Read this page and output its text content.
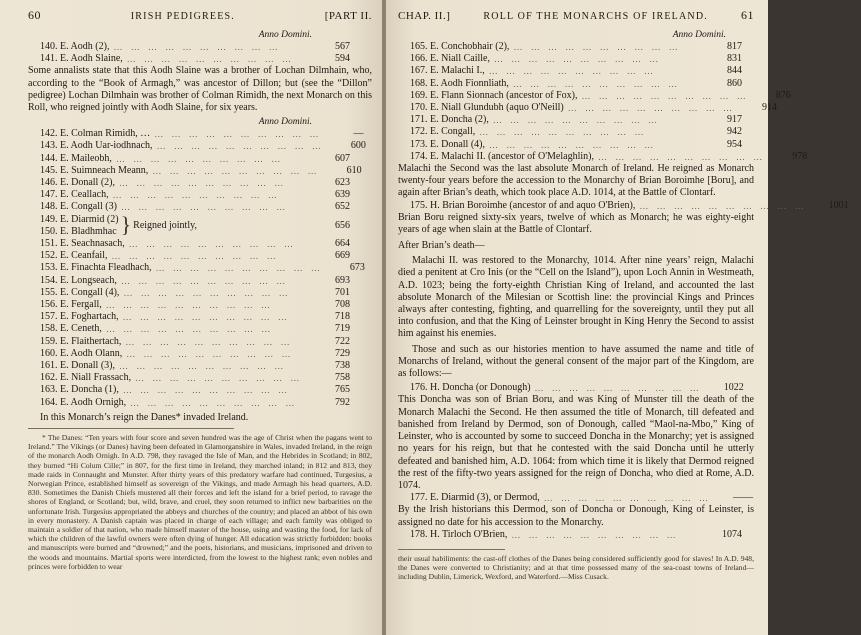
60	IRISH PEDIGREES.	[PART II.
Anno Domini.
140. E. Aodh (2), … … … … … … … … … …	567
141. E. Aodh Slaine, … … … … … … … … … …	594

Some annalists state that this Aodh Slaine was a brother of Lochan Dilmhain, who, according to the “Book of Armagh,” was ancestor of Dillon; but (see the “Dillon” pedigree) Lochan Dilmhain was brother of Colman Rimidh, the next Monarch on this Roll, who reigned jointly with Aodh Slaine, for six years.

Anno Domini.
142. E. Colman Rimidh, … … … … … … … … … … …	—
143. E. Aodh Uar-iodhnach, … … … … … … … … … …	600
144. E. Maileobh, … … … … … … … … … …	607
145. E. Suimneach Meann, … … … … … … … … … …	610
146. E. Donall (2), … … … … … … … … … …	623
147. E. Ceallach, … … … … … … … … … …	639
148. E. Congall (3) … … … … … … … … … …	652
149. E. Diarmid (2)
150. E. Bladhmhac } Reigned jointly,	656
151. E. Seachnasach, … … … … … … … … … …	664
152. E. Ceanfail, … … … … … … … … … …	669
153. E. Finachta Fleadhach, … … … … … … … … … …	673
154. E. Longseach, … … … … … … … … … …	693
155. E. Congall (4), … … … … … … … … … …	701
156. E. Fergall, … … … … … … … … … …	708
157. E. Foghartach, … … … … … … … … … …	718
158. E. Ceneth, … … … … … … … … … …	719
159. E. Flaithertach, … … … … … … … … … …	722
160. E. Aodh Olann, … … … … … … … … … …	729
161. E. Donall (3), … … … … … … … … … …	738
162. E. Niall Frassach, … … … … … … … … … …	758
163. E. Doncha (1), … … … … … … … … … …	765
164. E. Aodh Ornigh, … … … … … … … … … …	792
In this Monarch’s reign the Danes* invaded Ireland.

* The Danes: “Ten years with four score and seven hundred was the age of Christ when the pagans went to Ireland.” The Vikings (or Danes) having been defeated in Glamorganshire in Wales, invaded Ireland, in the reign of the monarch Aodh Ornigh. In A.D. 798, they ravaged the Isle of Man, and the Hebrides in Scotland; in 802, they burned “Hi Colum Cille;” in 807, for the first time in Ireland, they marched inland; in 812 and 813, they made raids in Connaught and Munster. After thirty years of this predatory warfare had continued, Turgesius, a Norwegian Prince, established himself as sovereign of the Vikings, and made Armagh his head quarters, A.D. 830. Sometimes the Danish Chiefs mustered all their forces and left the island for a brief period, to ravage the shores of England, or Scotland; but, wild, brave, and cruel, they soon returned to inflict new barbarities on the unfortunate Irish. Turgesius appropriated the abbeys and churches of the country; and placed an abbot of his own in every monastery. A Danish captain was placed in charge of each village; and each family was obliged to maintain a soldier of that nation, who made himself master of the house, using and wasting the food, for lack of which the children of the lawful owners were often dying of hunger. All education was strictly forbidden: books and manuscripts were burned and “drowned;” and the poets, historians, and musicians, imprisoned and driven to the woods and mountains. Martial sports were interdicted, from the lowest to the highest rank; even nobles and princes were forbidden to wear

CHAP. II.]	ROLL OF THE MONARCHS OF IRELAND.	61
Anno Domini.
165. E. Conchobhair (2), … … … … … … … … … …	817
166. E. Niall Caille, … … … … … … … … … …	831
167. E. Malachi I., … … … … … … … … … …	844
168. E. Aodh Fionnliath, … … … … … … … … … …	860
169. E. Flann Sionnach (ancestor of Fox), … … … … … … … … … …	876
170. E. Niall Glundubh (aquo O'Neill) … … … … … … … … … …	914
171. E. Doncha (2), … … … … … … … … … …	917
172. E. Congall, … … … … … … … … … …	942
173. E. Donall (4), … … … … … … … … … …	954
174. E. Malachi II. (ancestor of O'Melaghlin), … … … … … … … … … …	978

Malachi the Second was the last absolute Monarch of Ireland. He reigned as Monarch twenty-four years before the accession to the Monarchy of Brian Boroimhe [Boru], and again after Brian’s death, which took place A.D. 1014, at the Battle of Clontarf.

175. H. Brian Boroimhe (ancestor of and aquo O'Brien), … … … … … … … … … …	1001

Brian Boru reigned sixty-six years, twelve of which as Monarch; he was eighty-eight years of age when slain at the Battle of Clontarf.

After Brian’s death—

Malachi II. was restored to the Monarchy, 1014. After nine years’ reign, Malachi died a penitent at Cro Inis (or the “Cell on the Island”), upon Loch Annin in Westmeath, A.D. 1023; being the forty-eighth Christian King of Ireland, and accounted the last absolute Monarch of the Milesian or Scottish line: the provincial Kings and Princes always after contesting, fighting, and quarrelling for the sovereignty, until they put all into confusion, and that the King of Leinster brought in King Henry the Second to assist him against his enemies.

Those and such as our histories mention to have assumed the name and title of Monarchs of Ireland, without the general consent of the major part of the Kingdom, are as follows:—

176. H. Doncha (or Donough) … … … … … … … … … …	1022

This Doncha was son of Brian Boru, and was King of Munster till the death of the Monarch Malachi the Second. He then assumed the title of Monarch, till defeated and banished from Ireland by Dermod, son of Donough, called “Maol-na-Mbo,” King of Leinster, who is accounted by some to succeed Doncha in the Monarchy; yet is assigned no years for his reign, but that he contested with the said Doncha until he utterly defeated and banished him, A.D. 1064: from which time it is likely that Dermod reigned the rest of the fifty-two years assigned for the reign of Doncha, who died at Rome, A.D. 1074.

177. E. Diarmid (3), or Dermod, … … … … … … … … … …	——

By the Irish historians this Dermod, son of Doncha or Donough, King of Leinster, is assigned no date for his accession to the Monarchy.

178. H. Tirloch O'Brien, … … … … … … … … … …	1074

their usual habiliments: the cast-off clothes of the Danes being considered sufficiently good for slaves! In A.D. 948, the Danes were converted to Christianity; and at that time possessed many of the sea-coast towns of Ireland—including Dublin, Limerick, Wexford, and Waterford.—Miss Cusack.
